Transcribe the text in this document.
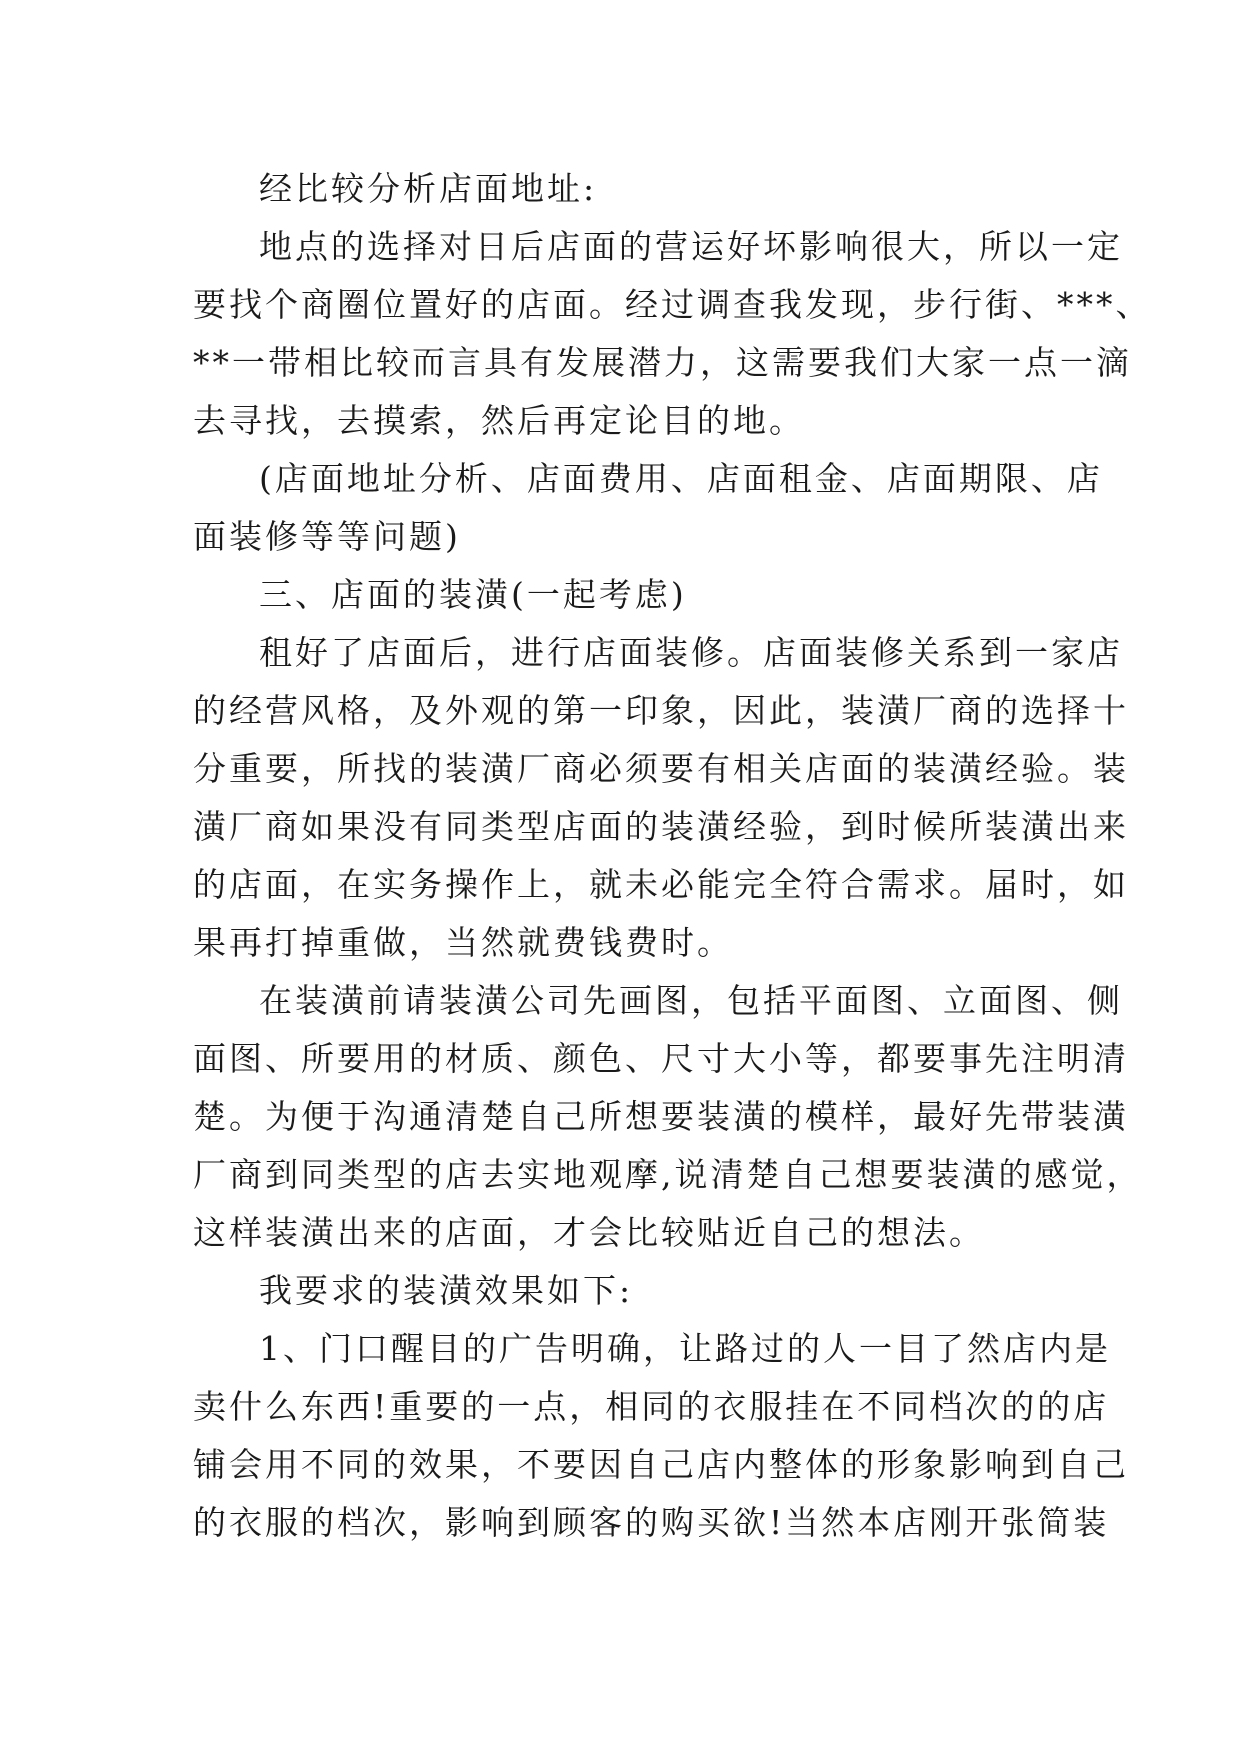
经比较分析店面地址:
地点的选择对日后店面的营运好坏影响很大，所以一定
要找个商圈位置好的店面。经过调查我发现，步行街、***、
**一带相比较而言具有发展潜力，这需要我们大家一点一滴
去寻找，去摸索，然后再定论目的地。
(店面地址分析、店面费用、店面租金、店面期限、店
面装修等等问题)
三、店面的装潢(一起考虑)
租好了店面后，进行店面装修。店面装修关系到一家店
的经营风格，及外观的第一印象，因此，装潢厂商的选择十
分重要，所找的装潢厂商必须要有相关店面的装潢经验。装
潢厂商如果没有同类型店面的装潢经验，到时候所装潢出来
的店面，在实务操作上，就未必能完全符合需求。届时，如
果再打掉重做，当然就费钱费时。
在装潢前请装潢公司先画图，包括平面图、立面图、侧
面图、所要用的材质、颜色、尺寸大小等，都要事先注明清
楚。为便于沟通清楚自己所想要装潢的模样，最好先带装潢
厂商到同类型的店去实地观摩,说清楚自己想要装潢的感觉，
这样装潢出来的店面，才会比较贴近自己的想法。
我要求的装潢效果如下:
1、门口醒目的广告明确，让路过的人一目了然店内是
卖什么东西!重要的一点，相同的衣服挂在不同档次的的店
铺会用不同的效果，不要因自己店内整体的形象影响到自己
的衣服的档次，影响到顾客的购买欲!当然本店刚开张简装
